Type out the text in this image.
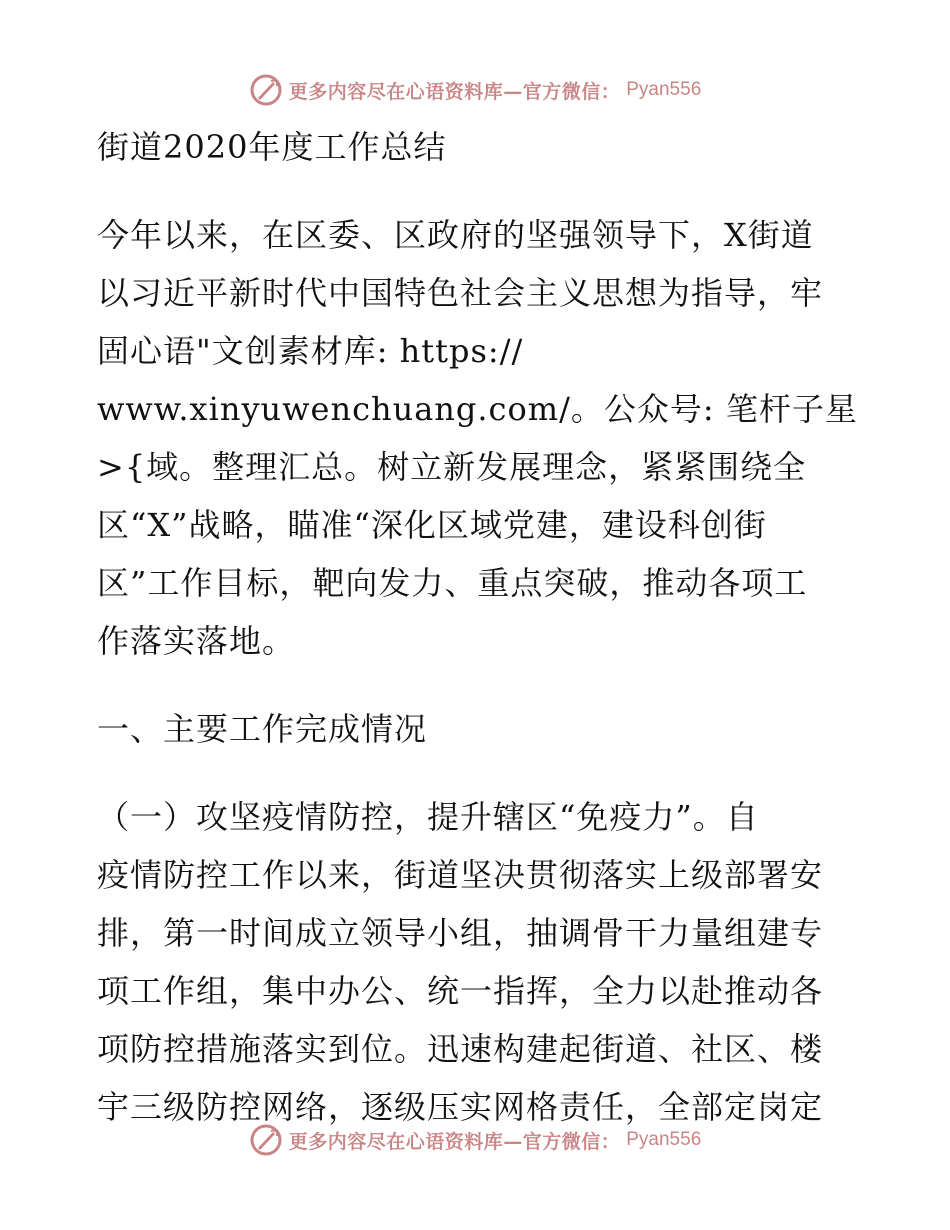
更多内容尽在心语资料库—官方微信： Pyan556
街道2020年度工作总结
今年以来，在区委、区政府的坚强领导下，X街道
以习近平新时代中国特色社会主义思想为指导，牢
固心语"文创素材库: https://
www.xinyuwenchuang.com/。公众号: 笔杆子星
>{域。整理汇总。树立新发展理念，紧紧围绕全
区“X”战略，瞄准“深化区域党建，建设科创街
区”工作目标，靶向发力、重点突破，推动各项工
作落实落地。
一、主要工作完成情况
（一）攻坚疫情防控，提升辖区“免疫力”。自
疫情防控工作以来，街道坚决贯彻落实上级部署安
排，第一时间成立领导小组，抽调骨干力量组建专
项工作组，集中办公、统一指挥，全力以赴推动各
项防控措施落实到位。迅速构建起街道、社区、楼
宇三级防控网络，逐级压实网格责任，全部定岗定
更多内容尽在心语资料库—官方微信： Pyan556
